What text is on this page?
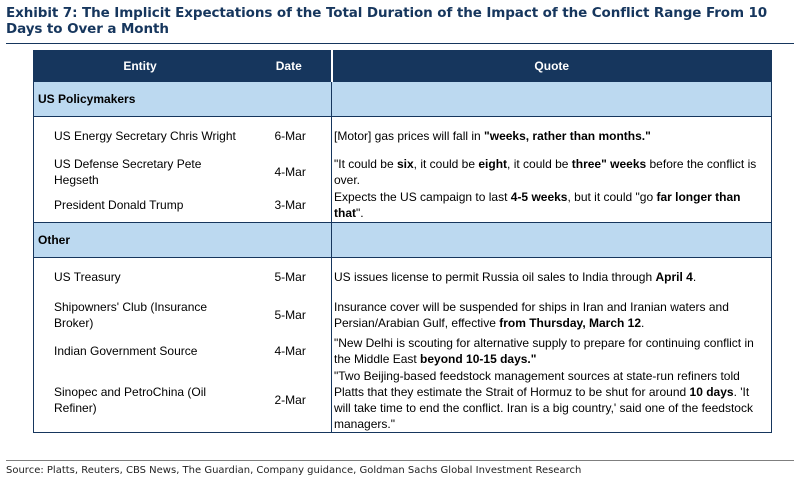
Exhibit 7: The Implicit Expectations of the Total Duration of the Impact of the Conflict Range From 10 Days to Over a Month
Entity	Date	Quote
US Policymakers		
US Energy Secretary Chris Wright	6-Mar	[Motor] gas prices will fall in "weeks, rather than months."
US Defense Secretary Pete Hegseth	4-Mar	"It could be six, it could be eight, it could be three" weeks before the conflict is over.
President Donald Trump	3-Mar	Expects the US campaign to last 4-5 weeks, but it could "go far longer than that".
Other		
US Treasury	5-Mar	US issues license to permit Russia oil sales to India through April 4.
Shipowners' Club (Insurance Broker)	5-Mar	Insurance cover will be suspended for ships in Iran and Iranian waters and Persian/Arabian Gulf, effective from Thursday, March 12.
Indian Government Source	4-Mar	"New Delhi is scouting for alternative supply to prepare for continuing conflict in the Middle East beyond 10-15 days."
Sinopec and PetroChina (Oil Refiner)	2-Mar	"Two Beijing-based feedstock management sources at state-run refiners told Platts that they estimate the Strait of Hormuz to be shut for around 10 days. 'It will take time to end the conflict. Iran is a big country,' said one of the feedstock managers."
Source: Platts, Reuters, CBS News, The Guardian, Company guidance, Goldman Sachs Global Investment Research
